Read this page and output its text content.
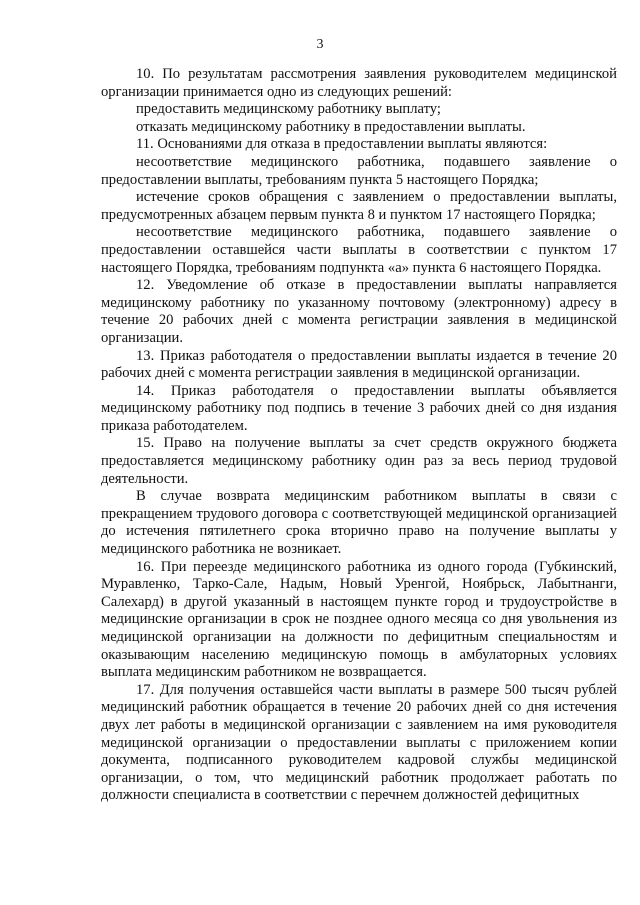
3

10. По результатам рассмотрения заявления руководителем медицинской организации принимается одно из следующих решений:

предоставить медицинскому работнику выплату;

отказать медицинскому работнику в предоставлении выплаты.

11. Основаниями для отказа в предоставлении выплаты являются:

несоответствие медицинского работника, подавшего заявление о предоставлении выплаты, требованиям пункта 5 настоящего Порядка;

истечение сроков обращения с заявлением о предоставлении выплаты, предусмотренных абзацем первым пункта 8 и пунктом 17 настоящего Порядка;

несоответствие медицинского работника, подавшего заявление о предоставлении оставшейся части выплаты в соответствии с пунктом 17 настоящего Порядка, требованиям подпункта «а» пункта 6 настоящего Порядка.

12. Уведомление об отказе в предоставлении выплаты направляется медицинскому работнику по указанному почтовому (электронному) адресу в течение 20 рабочих дней с момента регистрации заявления в медицинской организации.

13. Приказ работодателя о предоставлении выплаты издается в течение 20 рабочих дней с момента регистрации заявления в медицинской организации.

14. Приказ работодателя о предоставлении выплаты объявляется медицинскому работнику под подпись в течение 3 рабочих дней со дня издания приказа работодателем.

15. Право на получение выплаты за счет средств окружного бюджета предоставляется медицинскому работнику один раз за весь период трудовой деятельности.

В случае возврата медицинским работником выплаты в связи с прекращением трудового договора с соответствующей медицинской организацией до истечения пятилетнего срока вторично право на получение выплаты у медицинского работника не возникает.

16. При переезде медицинского работника из одного города (Губкинский, Муравленко, Тарко-Сале, Надым, Новый Уренгой, Ноябрьск, Лабытнанги, Салехард) в другой указанный в настоящем пункте город и трудоустройстве в медицинские организации в срок не позднее одного месяца со дня увольнения из медицинской организации на должности по дефицитным специальностям и оказывающим населению медицинскую помощь в амбулаторных условиях выплата медицинским работником не возвращается.

17. Для получения оставшейся части выплаты в размере 500 тысяч рублей медицинский работник обращается в течение 20 рабочих дней со дня истечения двух лет работы в медицинской организации с заявлением на имя руководителя медицинской организации о предоставлении выплаты с приложением копии документа, подписанного руководителем кадровой службы медицинской организации, о том, что медицинский работник продолжает работать по должности специалиста в соответствии с перечнем должностей дефицитных
